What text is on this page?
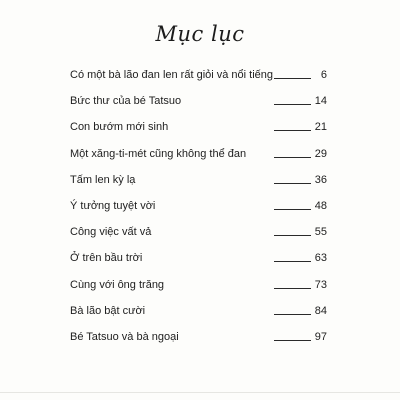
Mục lục
Có một bà lão đan len rất giỏi và nổi tiếng	6
Bức thư của bé Tatsuo	14
Con bướm mới sinh	21
Một xăng-ti-mét cũng không thể đan	29
Tấm len kỳ lạ	36
Ý tưởng tuyệt vời	48
Công việc vất vả	55
Ở trên bầu trời	63
Cùng với ông trăng	73
Bà lão bật cười	84
Bé Tatsuo và bà ngoại	97
